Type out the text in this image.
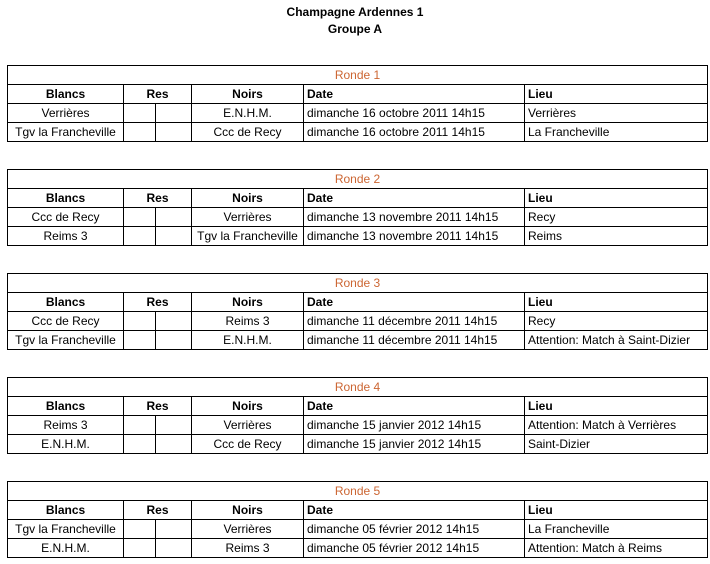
Champagne Ardennes 1
Groupe A
Ronde 1					
Blancs	Res		Noirs	Date	Lieu
Verrières			E.N.H.M.	dimanche 16 octobre 2011 14h15	Verrières
Tgv la Francheville			Ccc de Recy	dimanche 16 octobre 2011 14h15	La Francheville
Ronde 2					
Blancs	Res		Noirs	Date	Lieu
Ccc de Recy			Verrières	dimanche 13 novembre 2011 14h15	Recy
Reims 3			Tgv la Francheville	dimanche 13 novembre 2011 14h15	Reims
Ronde 3					
Blancs	Res		Noirs	Date	Lieu
Ccc de Recy			Reims 3	dimanche 11 décembre 2011 14h15	Recy
Tgv la Francheville			E.N.H.M.	dimanche 11 décembre 2011 14h15	Attention: Match à Saint-Dizier
Ronde 4					
Blancs	Res		Noirs	Date	Lieu
Reims 3			Verrières	dimanche 15 janvier 2012 14h15	Attention: Match à Verrières
E.N.H.M.			Ccc de Recy	dimanche 15 janvier 2012 14h15	Saint-Dizier
Ronde 5					
Blancs	Res		Noirs	Date	Lieu
Tgv la Francheville			Verrières	dimanche 05 février 2012 14h15	La Francheville
E.N.H.M.			Reims 3	dimanche 05 février 2012 14h15	Attention: Match à Reims
